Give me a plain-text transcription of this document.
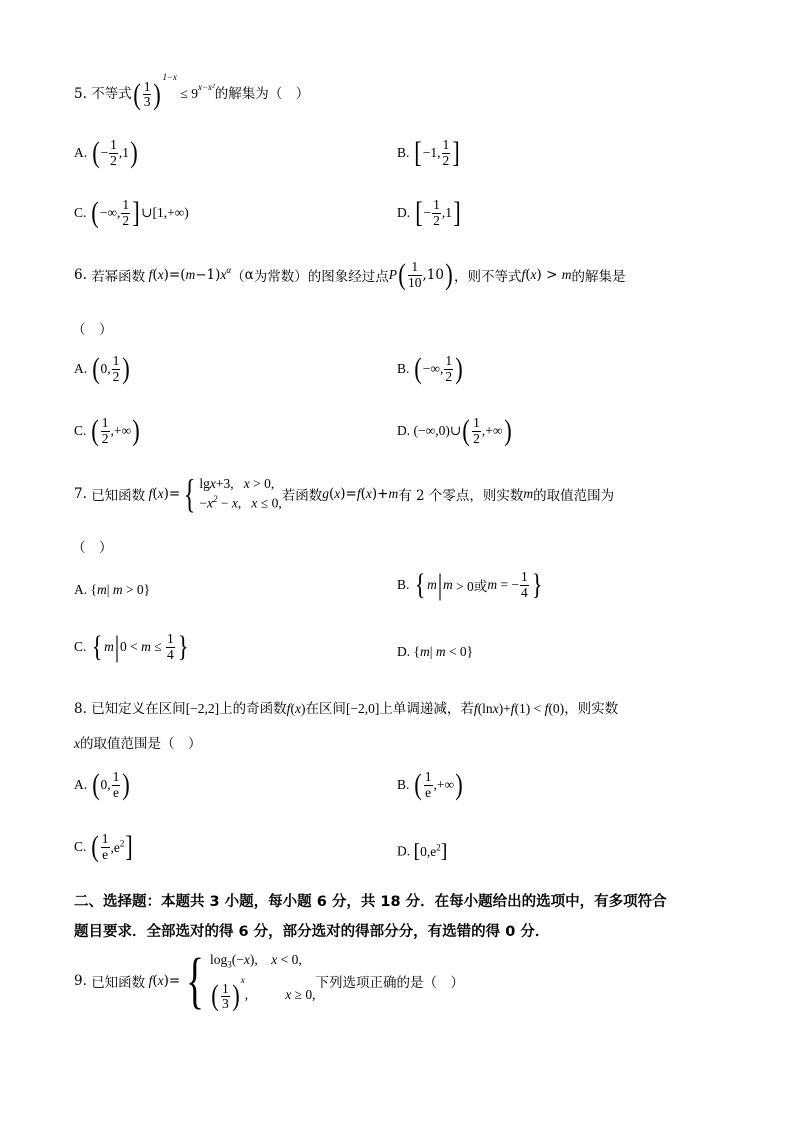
5. 不等式( $\frac{1}{3} )^{1-x} \le 9^{x-x^2}$的解集为（　）
A. (− $\frac{1}{2} ,1$)	B. [−1, $\frac{1}{2}$ ]
C. (−∞, $\frac{1}{2}$ ]∪[1,+∞)	D. [− $\frac{1}{2} ,1$]
6. 若幂函数 $f(x)=(m-1)x^\alpha(\alpha$为常数）的图象经过点$P( \frac{1}{10} ,10)$，则不等式f(x) > m的解集是
（　）
A. (0, $\frac{1}{2}$ )	B. (−∞, $\frac{1}{2}$ )
C. ( $\frac{1}{2}$ ,+∞)	D. (−∞,0)∪( $\frac{1}{2}$ ,+∞)
7. 已知函数 f(x)={ lgx+3,   x > 0,
$-x^2 - x$,   x ≤ 0, 若函数g(x)=f(x)+m有 2 个零点，则实数m的取值范围为
（　）
A. {m| m > 0}	B. { m|m > 0或m = − $\frac{1}{4}$ }
C. { $m|0 < m \le \frac{1}{4}$ }	D. {m| m < 0}
8. 已知定义在区间[−2,2]上的奇函数f(x)在区间[−2,0]上单调递减，若f(lnx)+f(1) < f(0)，则实数
x的取值范围是（　）
A. (0, $\frac{1}{e}$ )	B. ( $\frac{1}{e}$ ,+∞)
C. ( $\frac{1}{e} ,e^2$]	D. $[0,e^2]$
二、选择题：本题共 3 小题，每小题 6 分，共 18 分．在每小题给出的选项中，有多项符合
题目要求．全部选对的得 6 分，部分选对的得部分分，有选错的得 0 分．
9. 已知函数 f(x)={ $\log_3(-x)$,    x < 0,
( $\frac{1}{3} )^x$,           x ≥ 0,
下列选项正确的是（　）
